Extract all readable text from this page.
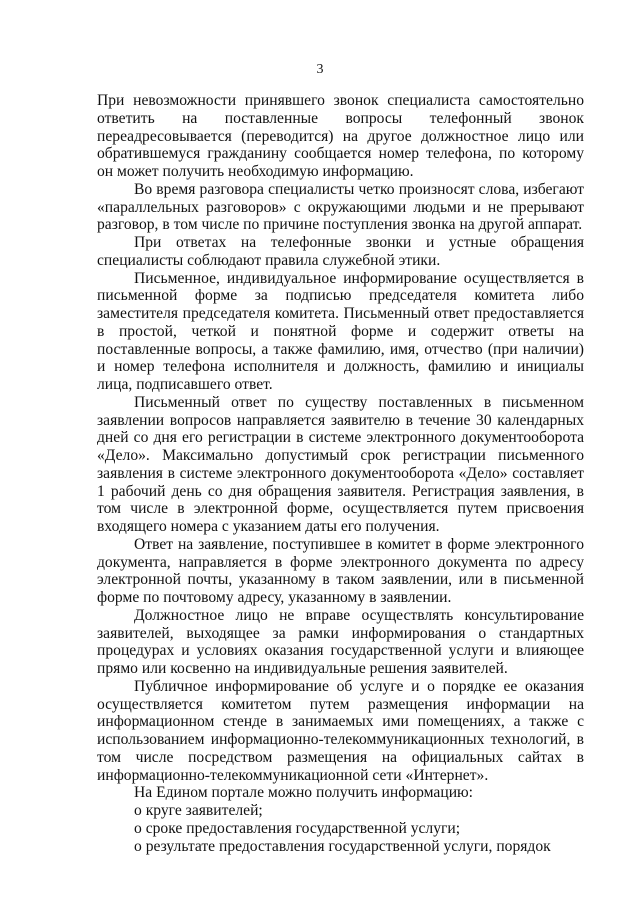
3

При невозможности принявшего звонок специалиста самостоятельно ответить на поставленные вопросы телефонный звонок переадресовывается (переводится) на другое должностное лицо или обратившемуся гражданину сообщается номер телефона, по которому он может получить необходимую информацию.

Во время разговора специалисты четко произносят слова, избегают «параллельных разговоров» с окружающими людьми и не прерывают разговор, в том числе по причине поступления звонка на другой аппарат.

При ответах на телефонные звонки и устные обращения специалисты соблюдают правила служебной этики.

Письменное, индивидуальное информирование осуществляется в письменной форме за подписью председателя комитета либо заместителя председателя комитета. Письменный ответ предоставляется в простой, четкой и понятной форме и содержит ответы на поставленные вопросы, а также фамилию, имя, отчество (при наличии) и номер телефона исполнителя и должность, фамилию и инициалы лица, подписавшего ответ.

Письменный ответ по существу поставленных в письменном заявлении вопросов направляется заявителю в течение 30 календарных дней со дня его регистрации в системе электронного документооборота «Дело». Максимально допустимый срок регистрации письменного заявления в системе электронного документооборота «Дело» составляет 1 рабочий день со дня обращения заявителя. Регистрация заявления, в том числе в электронной форме, осуществляется путем присвоения входящего номера с указанием даты его получения.

Ответ на заявление, поступившее в комитет в форме электронного документа, направляется в форме электронного документа по адресу электронной почты, указанному в таком заявлении, или в письменной форме по почтовому адресу, указанному в заявлении.

Должностное лицо не вправе осуществлять консультирование заявителей, выходящее за рамки информирования о стандартных процедурах и условиях оказания государственной услуги и влияющее прямо или косвенно на индивидуальные решения заявителей.

Публичное информирование об услуге и о порядке ее оказания осуществляется комитетом путем размещения информации на информационном стенде в занимаемых ими помещениях, а также с использованием информационно-телекоммуникационных технологий, в том числе посредством размещения на официальных сайтах в информационно-телекоммуникационной сети «Интернет».

На Едином портале можно получить информацию:

о круге заявителей;

о сроке предоставления государственной услуги;

о результате предоставления государственной услуги, порядок
